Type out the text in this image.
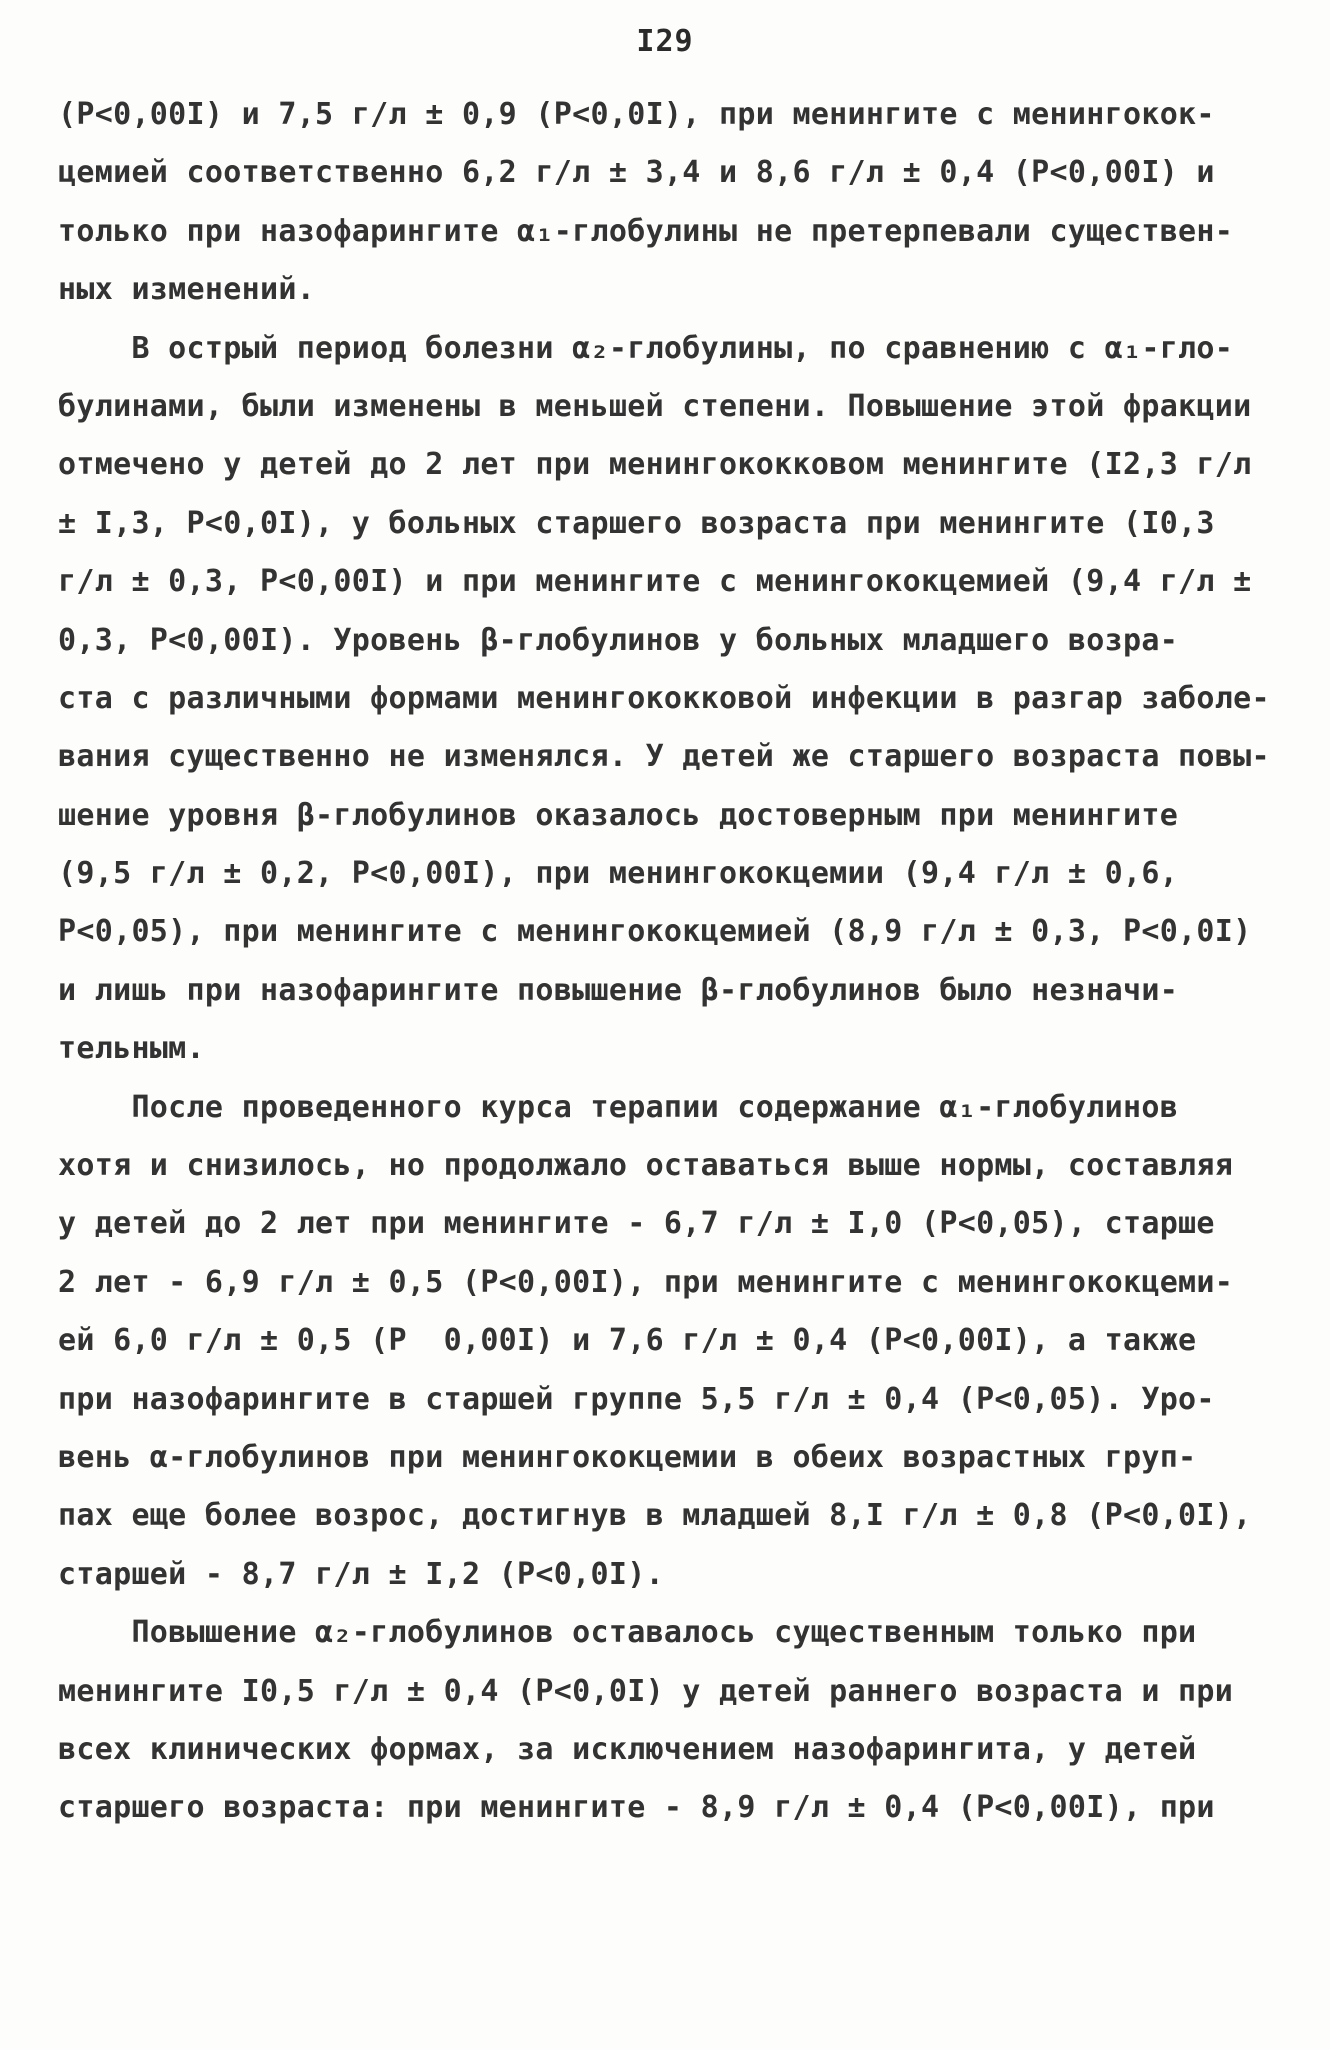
I29
(P<0,00I) и 7,5 г/л ± 0,9 (P<0,0I), при менингите с менингокок-
цемией соответственно 6,2 г/л ± 3,4 и 8,6 г/л ± 0,4 (P<0,00I) и
только при назофарингите α₁-глобулины не претерпевали существен-
ных изменений.
В острый период болезни α₂-глобулины, по сравнению с α₁-гло-
булинами, были изменены в меньшей степени. Повышение этой фракции
отмечено у детей до 2 лет при менингококковом менингите (I2,3 г/л
± I,3, P<0,0I), у больных старшего возраста при менингите (I0,3
г/л ± 0,3, P<0,00I) и при менингите с менингококцемией (9,4 г/л ±
0,3, P<0,00I). Уровень β-глобулинов у больных младшего возра-
ста с различными формами менингококковой инфекции в разгар заболе-
вания существенно не изменялся. У детей же старшего возраста повы-
шение уровня β-глобулинов оказалось достоверным при менингите
(9,5 г/л ± 0,2, P<0,00I), при менингококцемии (9,4 г/л ± 0,6,
P<0,05), при менингите с менингококцемией (8,9 г/л ± 0,3, P<0,0I)
и лишь при назофарингите повышение β-глобулинов было незначи-
тельным.
После проведенного курса терапии содержание α₁-глобулинов
хотя и снизилось, но продолжало оставаться выше нормы, составляя
у детей до 2 лет при менингите - 6,7 г/л ± I,0 (P<0,05), старше
2 лет - 6,9 г/л ± 0,5 (P<0,00I), при менингите с менингококцеми-
ей 6,0 г/л ± 0,5 (P  0,00I) и 7,6 г/л ± 0,4 (P<0,00I), а также
при назофарингите в старшей группе 5,5 г/л ± 0,4 (P<0,05). Уро-
вень α-глобулинов при менингококцемии в обеих возрастных груп-
пах еще более возрос, достигнув в младшей 8,I г/л ± 0,8 (P<0,0I),
старшей - 8,7 г/л ± I,2 (P<0,0I).
Повышение α₂-глобулинов оставалось существенным только при
менингите I0,5 г/л ± 0,4 (P<0,0I) у детей раннего возраста и при
всех клинических формах, за исключением назофарингита, у детей
старшего возраста: при менингите - 8,9 г/л ± 0,4 (P<0,00I), при
